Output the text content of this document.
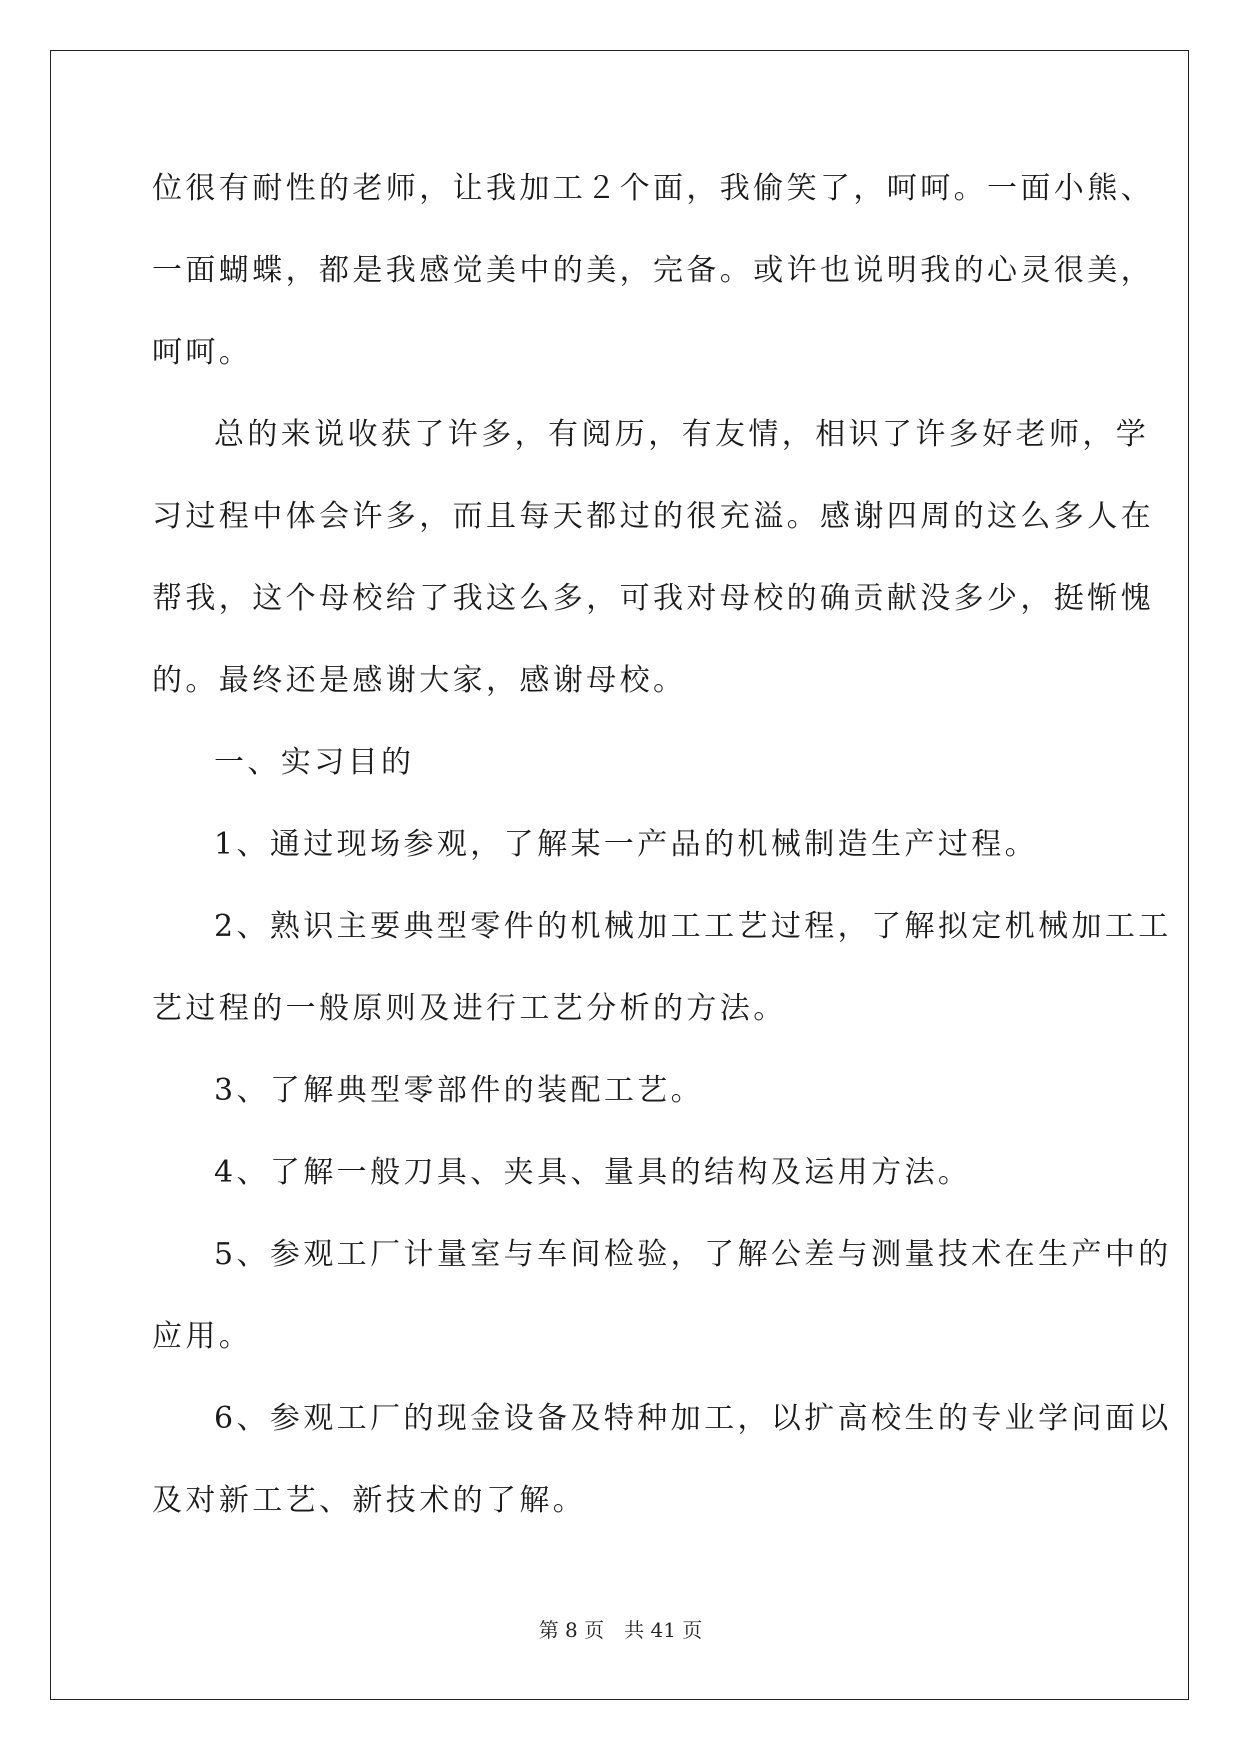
位很有耐性的老师，让我加工２个面，我偷笑了，呵呵。一面小熊、
一面蝴蝶，都是我感觉美中的美，完备。或许也说明我的心灵很美，
呵呵。
总的来说收获了许多，有阅历，有友情，相识了许多好老师，学
习过程中体会许多，而且每天都过的很充溢。感谢四周的这么多人在
帮我，这个母校给了我这么多，可我对母校的确贡献没多少，挺惭愧
的。最终还是感谢大家，感谢母校。
一、实习目的
1、通过现场参观，了解某一产品的机械制造生产过程。
2、熟识主要典型零件的机械加工工艺过程，了解拟定机械加工工
艺过程的一般原则及进行工艺分析的方法。
3、了解典型零部件的装配工艺。
4、了解一般刀具、夹具、量具的结构及运用方法。
5、参观工厂计量室与车间检验，了解公差与测量技术在生产中的
应用。
6、参观工厂的现金设备及特种加工，以扩高校生的专业学问面以
及对新工艺、新技术的了解。
第 8 页　共 41 页
